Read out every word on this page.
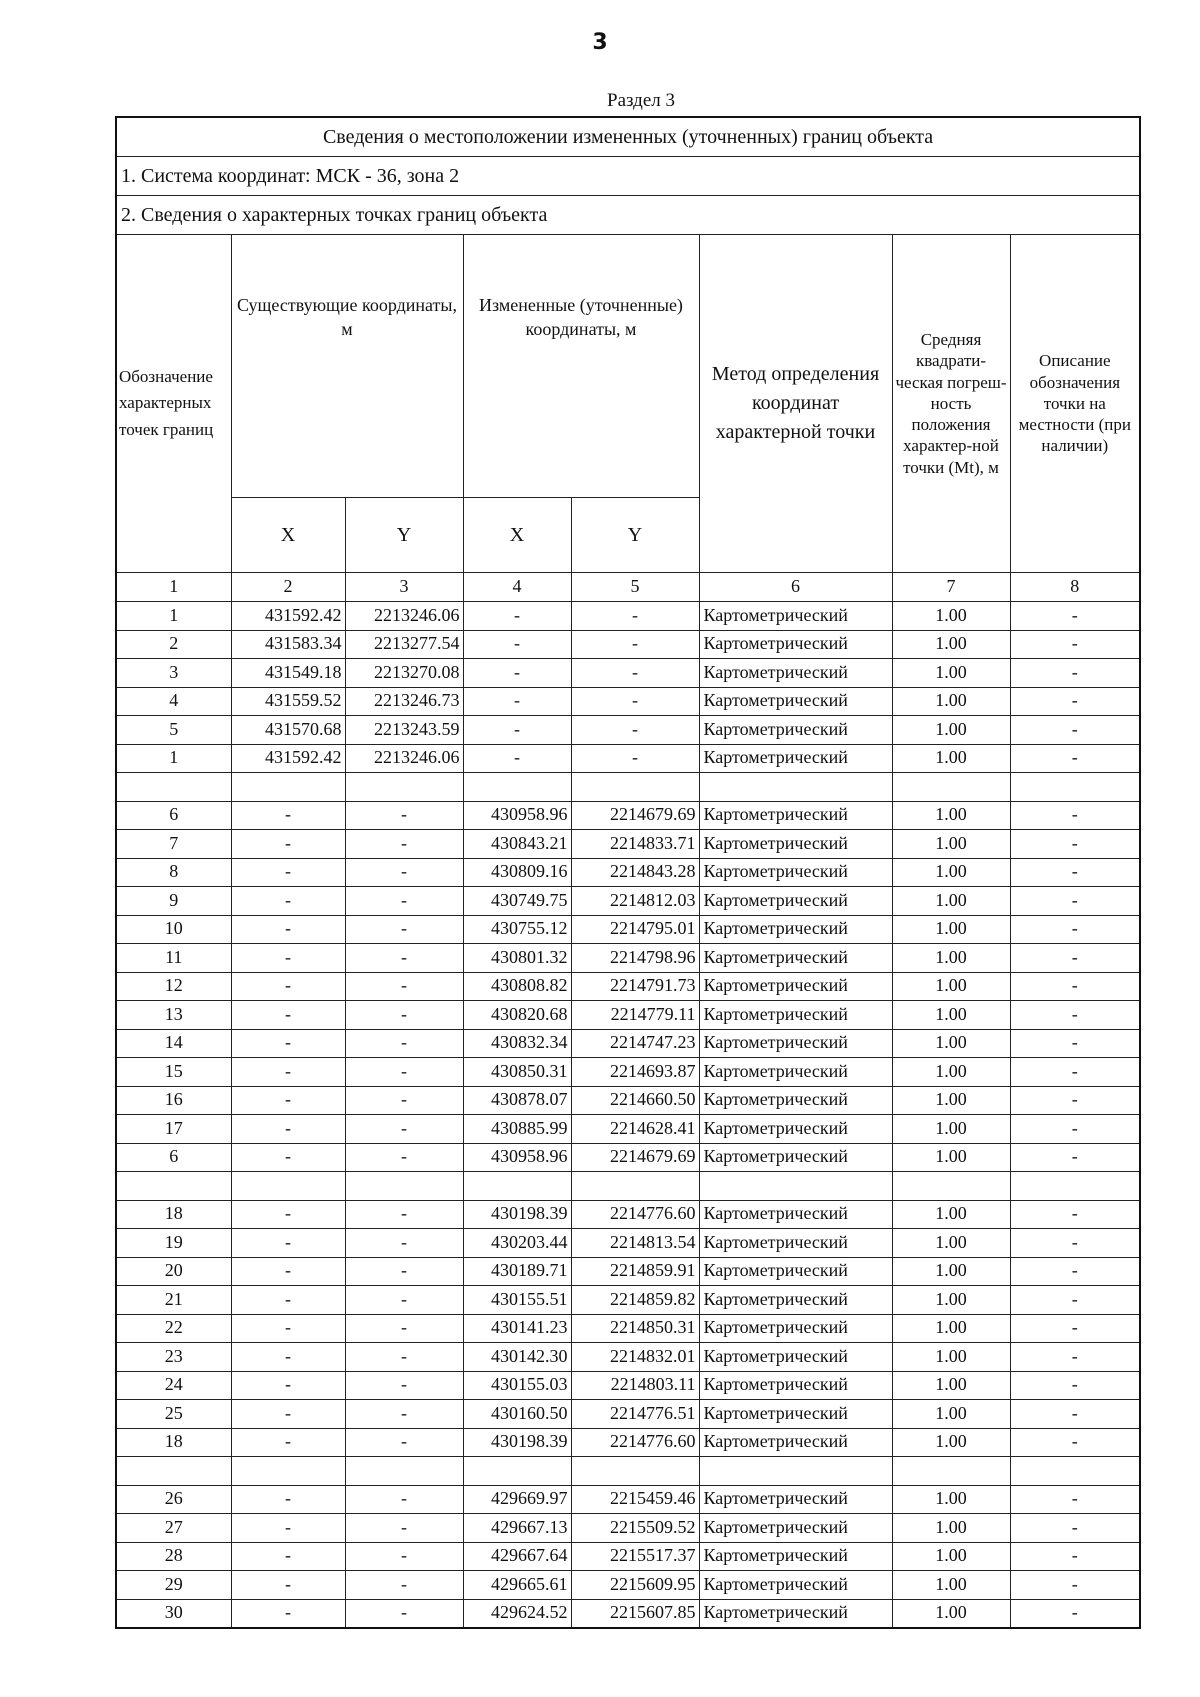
3
Раздел 3
Сведения о местоположении измененных (уточненных) границ объекта							
1. Система координат: МСК - 36, зона 2							
2. Сведения о характерных точках границ объекта							
Обозначение характерных точек границ	Существующие координаты, м		Измененные (уточненные) координаты, м		Метод определения координат характерной точки	Средняя квадрати-ческая погреш-ность положения характер-ной точки (Mt), м	Описание обозначения точки на местности (при наличии)
	X	Y	X	Y			
1	2	3	4	5	6	7	8
1	431592.42	2213246.06	-	-	Картометрический	1.00	-
2	431583.34	2213277.54	-	-	Картометрический	1.00	-
3	431549.18	2213270.08	-	-	Картометрический	1.00	-
4	431559.52	2213246.73	-	-	Картометрический	1.00	-
5	431570.68	2213243.59	-	-	Картометрический	1.00	-
1	431592.42	2213246.06	-	-	Картометрический	1.00	-

6	-	-	430958.96	2214679.69	Картометрический	1.00	-
7	-	-	430843.21	2214833.71	Картометрический	1.00	-
8	-	-	430809.16	2214843.28	Картометрический	1.00	-
9	-	-	430749.75	2214812.03	Картометрический	1.00	-
10	-	-	430755.12	2214795.01	Картометрический	1.00	-
11	-	-	430801.32	2214798.96	Картометрический	1.00	-
12	-	-	430808.82	2214791.73	Картометрический	1.00	-
13	-	-	430820.68	2214779.11	Картометрический	1.00	-
14	-	-	430832.34	2214747.23	Картометрический	1.00	-
15	-	-	430850.31	2214693.87	Картометрический	1.00	-
16	-	-	430878.07	2214660.50	Картометрический	1.00	-
17	-	-	430885.99	2214628.41	Картометрический	1.00	-
6	-	-	430958.96	2214679.69	Картометрический	1.00	-

18	-	-	430198.39	2214776.60	Картометрический	1.00	-
19	-	-	430203.44	2214813.54	Картометрический	1.00	-
20	-	-	430189.71	2214859.91	Картометрический	1.00	-
21	-	-	430155.51	2214859.82	Картометрический	1.00	-
22	-	-	430141.23	2214850.31	Картометрический	1.00	-
23	-	-	430142.30	2214832.01	Картометрический	1.00	-
24	-	-	430155.03	2214803.11	Картометрический	1.00	-
25	-	-	430160.50	2214776.51	Картометрический	1.00	-
18	-	-	430198.39	2214776.60	Картометрический	1.00	-

26	-	-	429669.97	2215459.46	Картометрический	1.00	-
27	-	-	429667.13	2215509.52	Картометрический	1.00	-
28	-	-	429667.64	2215517.37	Картометрический	1.00	-
29	-	-	429665.61	2215609.95	Картометрический	1.00	-
30	-	-	429624.52	2215607.85	Картометрический	1.00	-
